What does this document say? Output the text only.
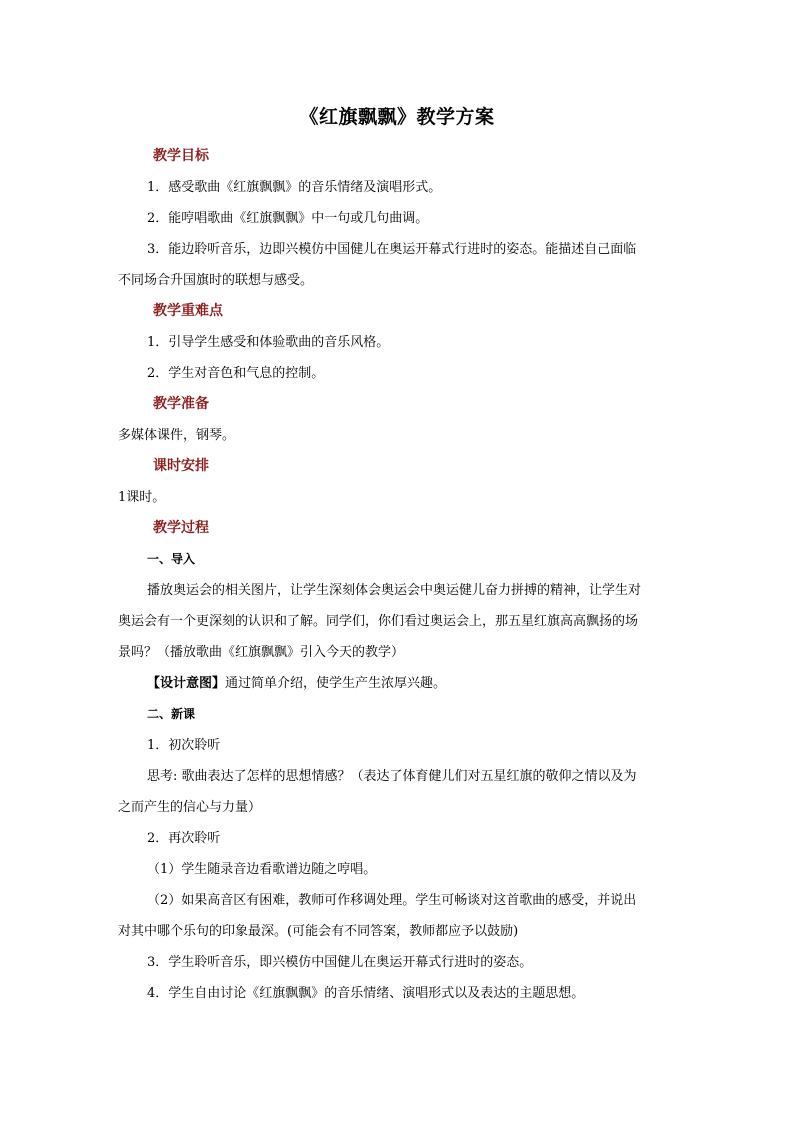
《红旗飘飘》教学方案
教学目标
1．感受歌曲《红旗飘飘》的音乐情绪及演唱形式。
2．能哼唱歌曲《红旗飘飘》中一句或几句曲调。
3．能边聆听音乐，边即兴模仿中国健儿在奥运开幕式行进时的姿态。能描述自己面临
不同场合升国旗时的联想与感受。
教学重难点
1．引导学生感受和体验歌曲的音乐风格。
2．学生对音色和气息的控制。
教学准备
多媒体课件，钢琴。
课时安排
1课时。
教学过程
一、导入
播放奥运会的相关图片，让学生深刻体会奥运会中奥运健儿奋力拼搏的精神，让学生对
奥运会有一个更深刻的认识和了解。同学们，你们看过奥运会上，那五星红旗高高飘扬的场
景吗？（播放歌曲《红旗飘飘》引入今天的教学）
【设计意图】通过简单介绍，使学生产生浓厚兴趣。
二、新课
1．初次聆听
思考: 歌曲表达了怎样的思想情感？（表达了体育健儿们对五星红旗的敬仰之情以及为
之而产生的信心与力量）
2．再次聆听
（1）学生随录音边看歌谱边随之哼唱。
（2）如果高音区有困难，教师可作移调处理。学生可畅谈对这首歌曲的感受，并说出
对其中哪个乐句的印象最深。(可能会有不同答案，教师都应予以鼓励)
3．学生聆听音乐，即兴模仿中国健儿在奥运开幕式行进时的姿态。
4．学生自由讨论《红旗飘飘》的音乐情绪、演唱形式以及表达的主题思想。
